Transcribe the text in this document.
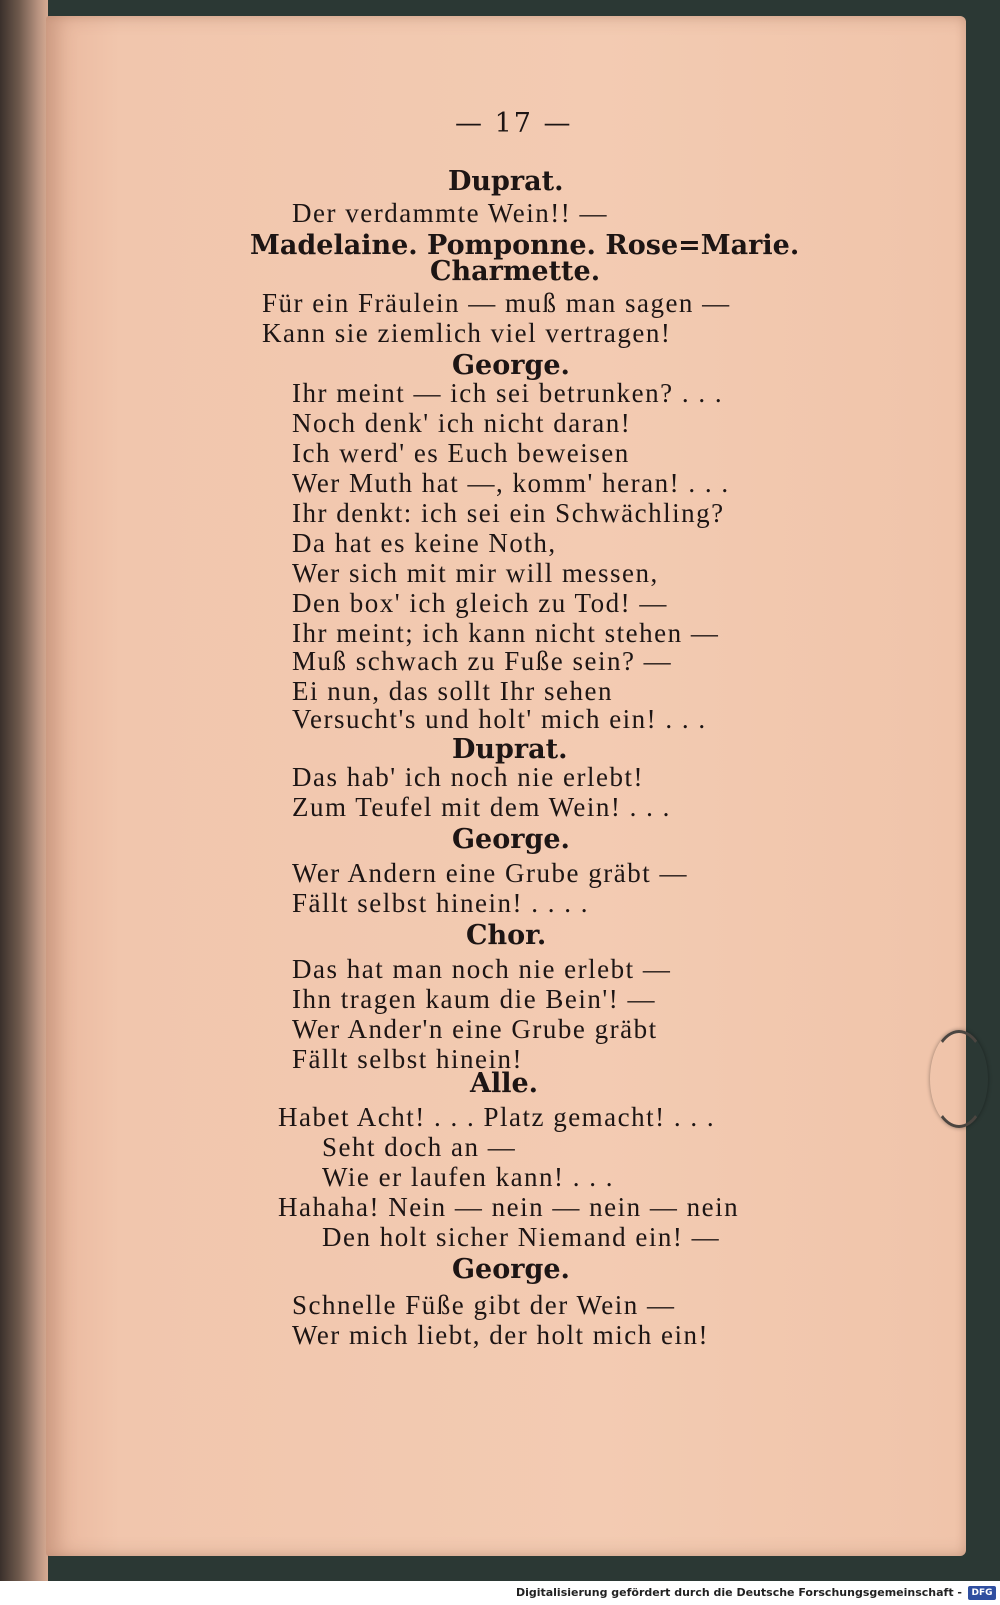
— 17 —
Duprat.
Der verdammte Wein!! —
Madelaine. Pomponne. Rose=Marie.
Charmette.
Für ein Fräulein — muß man sagen —
Kann sie ziemlich viel vertragen!
George.
Ihr meint — ich sei betrunken? . . .
Noch denk' ich nicht daran!
Ich werd' es Euch beweisen
Wer Muth hat —, komm' heran! . . .
Ihr denkt: ich sei ein Schwächling?
Da hat es keine Noth,
Wer sich mit mir will messen,
Den box' ich gleich zu Tod! —
Ihr meint; ich kann nicht stehen —
Muß schwach zu Fuße sein? —
Ei nun, das sollt Ihr sehen
Versucht's und holt' mich ein! . . .
Duprat.
Das hab' ich noch nie erlebt!
Zum Teufel mit dem Wein! . . .
George.
Wer Andern eine Grube gräbt —
Fällt selbst hinein! . . . .
Chor.
Das hat man noch nie erlebt —
Ihn tragen kaum die Bein'! —
Wer Ander'n eine Grube gräbt
Fällt selbst hinein!
Alle.
Habet Acht! . . . Platz gemacht! . . .
Seht doch an —
Wie er laufen kann! . . .
Hahaha! Nein — nein — nein — nein
Den holt sicher Niemand ein! —
George.
Schnelle Füße gibt der Wein —
Wer mich liebt, der holt mich ein!
Digitalisierung gefördert durch die Deutsche Forschungsgemeinschaft -	DFG
